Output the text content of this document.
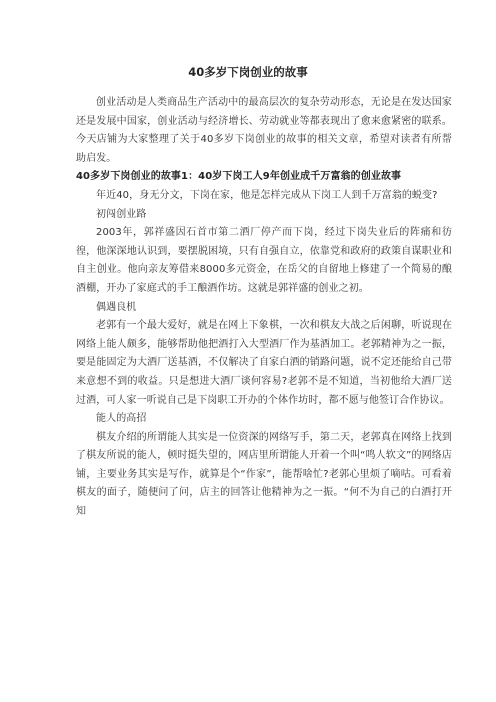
40多岁下岗创业的故事

创业活动是人类商品生产活动中的最高层次的复杂劳动形态，无论是在发达国家还是发展中国家，创业活动与经济增长、劳动就业等都表现出了愈来愈紧密的联系。今天店铺为大家整理了关于40多岁下岗创业的故事的相关文章，希望对读者有所帮助启发。

40多岁下岗创业的故事1：40岁下岗工人9年创业成千万富翁的创业故事

年近40，身无分文，下岗在家，他是怎样完成从下岗工人到千万富翁的蜕变?

初闯创业路

2003年，郭祥盛因石首市第二酒厂停产而下岗，经过下岗失业后的阵痛和彷徨，他深深地认识到，要摆脱困境，只有自强自立，依靠党和政府的政策自谋职业和自主创业。他向亲友筹借来8000多元资金，在岳父的自留地上修建了一个简易的酿酒棚，开办了家庭式的手工酿酒作坊。这就是郭祥盛的创业之初。

偶遇良机

老郭有一个最大爱好，就是在网上下象棋，一次和棋友大战之后闲聊，听说现在网络上能人颇多，能够帮助他把酒打入大型酒厂作为基酒加工。老郭精神为之一振，要是能固定为大酒厂送基酒，不仅解决了自家白酒的销路问题，说不定还能给自己带来意想不到的收益。只是想进大酒厂谈何容易?老郭不是不知道，当初他给大酒厂送过酒，可人家一听说自己是下岗职工开办的个体作坊时，都不愿与他签订合作协议。

能人的高招

棋友介绍的所谓能人其实是一位资深的网络写手，第二天，老郭真在网络上找到了棋友所说的能人，顿时挺失望的，网店里所谓能人开着一个叫“鸣人软文”的网络店铺，主要业务其实是写作，就算是个“作家”，能帮啥忙?老郭心里烦了嘀咕。可看着棋友的面子，随便问了问，店主的回答让他精神为之一振。“何不为自己的白酒打开知
